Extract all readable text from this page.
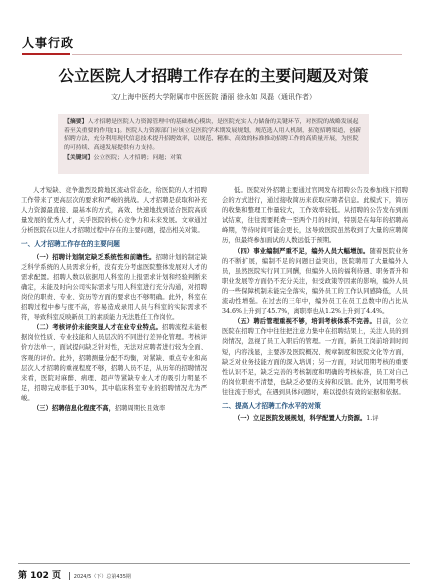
人事行政
公立医院人才招聘工作存在的主要问题及对策
文/上海中医药大学附属市中医医院 潘丽 徐永如 凤磊（通讯作者）

【摘要】人才招聘是医院人力资源管理中的基础核心模块，是医院充实人力储备的关键环节，对医院的战略发展起着至关重要的作用[1]。医院人力资源部门应该立足医院学术期发展规划，规范选人用人机制，拓宽招聘渠道，创新招聘方法，充分利用现代信息技术提升招聘效率，以规范、精准、高效的标准推动招聘工作的高质量开展，为医院的可持续、高速发展提供有力支持。

【关键词】公立医院；人才招聘；问题；对策

人才短缺、竞争激烈及跨地区流动常态化，给医院的人才招聘工作带来了更高层次的要求和严峻的挑战。人才招聘是获取和补充人力资源最直接、最基本的方式，高效、快速地找到适合医院高质量发展的优秀人才，关乎医院的核心竞争力和未来发展。文章通过分析医院在以往人才招聘过程中存在的主要问题，提出相关对策。

一、人才招聘工作存在的主要问题

（一）招聘计划制定缺乏系统性和前瞻性。招聘计划的制定缺乏科学系统的人员需求分析，没有充分考虑医院整体发展对人才的需求配置。招聘人数以依据用人科室的上报需求计划和经验判断来确定，未能及时向公司实际需求与用人科室进行充分沟通，对招聘岗位的职责、专业、资历等方面的要求也不够明确。此外，科室在招聘过程中参与度不高，容易造成录用人员与科室的实际需求不符，导致科室反映新员工的素质能力无法胜任工作岗位。

（二）考核评价未能突显人才在业专业特点。招聘流程未能根据岗位性质、专业技能和人员层次的不同进行差异化管理。考核评价方法单一，面试提问缺乏针对性，无法对应聘者进行较为全面、客观的评价。此外，招聘测量分配不均衡，对紧缺、重点专业和高层次人才招聘的重视程度不够，招聘人员不足，从历年的招聘情况来看，医院对麻醉、病理、超声等紧缺专业人才的吸引力明显不足，招聘完成率低于30%，其中临床科室专业的招聘情况尤为严峻。

（三）招聘信息化程度不高，招聘周期长且效率

低。医院对外招聘主要通过官网发布招聘公告及参加线下招聘会的方式进行，通过接收简历来获取应聘者信息。此模式下，简历的收集和整理工作量较大，工作效率较低。从招聘的公告发布到面试结束，往往需要耗费一至两个月的时间，特别是在每年的招聘高峰期，等待时间可能会更长，这导致医院虽然收到了大量的应聘简历，但最终参加面试的人数远低于预期。

（四）事业编制严重不足，编外人员大幅增加。随着医院业务的不断扩展，编制不足的问题日益突出，医院聘用了大量编外人员，虽然医院实行同工同酬，但编外人员的福利待遇、职务晋升和职业发展等方面仍不充分关注，但受政策等因素的影响，编外人员的一些保障机制未能完全落实，编外员工的工作认同感降低，人员流动性增强。在过去的三年中，编外员工在员工总数中的占比从34.6%上升到了45.7%，离职率也从1.2%上升到了4.4%。

（五）聘后管理重视不够，培训考核体系不完善。目前，公立医院在招聘工作中往往把注意力集中在招聘结果上，关注人员的到岗情况，忽视了员工入职后的管理。一方面，新员工岗前培训时间短，内容浅显，主要涉及医院概况、规章制度和医院文化等方面，缺乏对业务技能方面的深入培训；另一方面，对试用期考核的重要性认识不足，缺乏完善的考核制度和明确的考核标准，员工对自己的岗位职责不清楚，也缺乏必要的支持和反馈。此外，试用期考核往往流于形式，在遇到具体问题时，难以提供有效的证据和依据。

二、提高人才招聘工作水平的对策

（一）立足医院发展规划，科学配置人力资源。1.评

第 102 页 | 2024/5（下）总第435期
